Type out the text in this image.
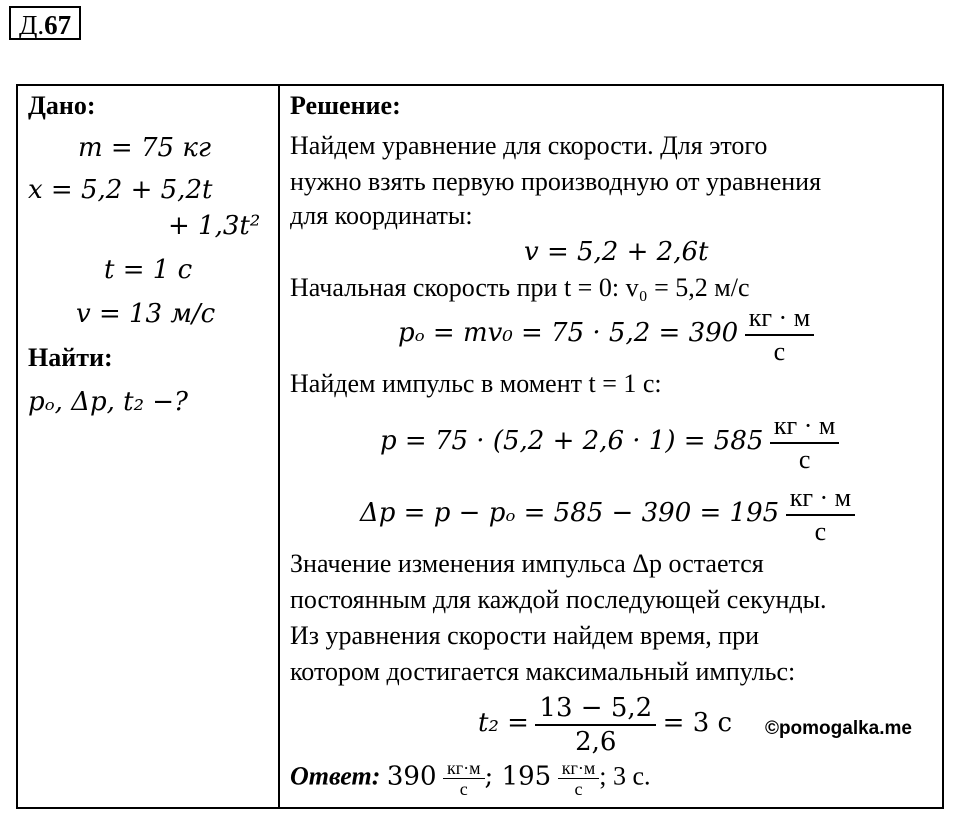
Д.67
Дано:
m = 75 кг
x = 5,2 + 5,2t
+ 1,3t²
t = 1 с
v = 13 м/с
Найти:
pₒ, Δp, t₂ −?
Решение:
Найдем уравнение для скорости. Для этого
нужно взять первую производную от уравнения
для координаты:
v = 5,2 + 2,6t
Начальная скорость при t = 0: v₀ = 5,2 м/с
$p_o = mv_0 = 75 \cdot 5,2 = 390 \frac{кг \cdot м}{с}$
Найдем импульс в момент t = 1 с:
$p = 75 \cdot (5,2 + 2,6 \cdot 1) = 585 \frac{кг \cdot м}{с}$
$\Delta p = p - p_o = 585 - 390 = 195 \frac{кг \cdot м}{с}$
Значение изменения импульса Δp остается
постоянным для каждой последующей секунды.
Из уравнения скорости найдем время, при
котором достигается максимальный импульс:
$t_2 = \frac{13 - 5,2}{2,6} = 3$ с
Ответ: $390 \frac{кг\cdot м}{с}$ ; $195 \frac{кг\cdot м}{с}$ ; 3 с.
©pomogalka.me
